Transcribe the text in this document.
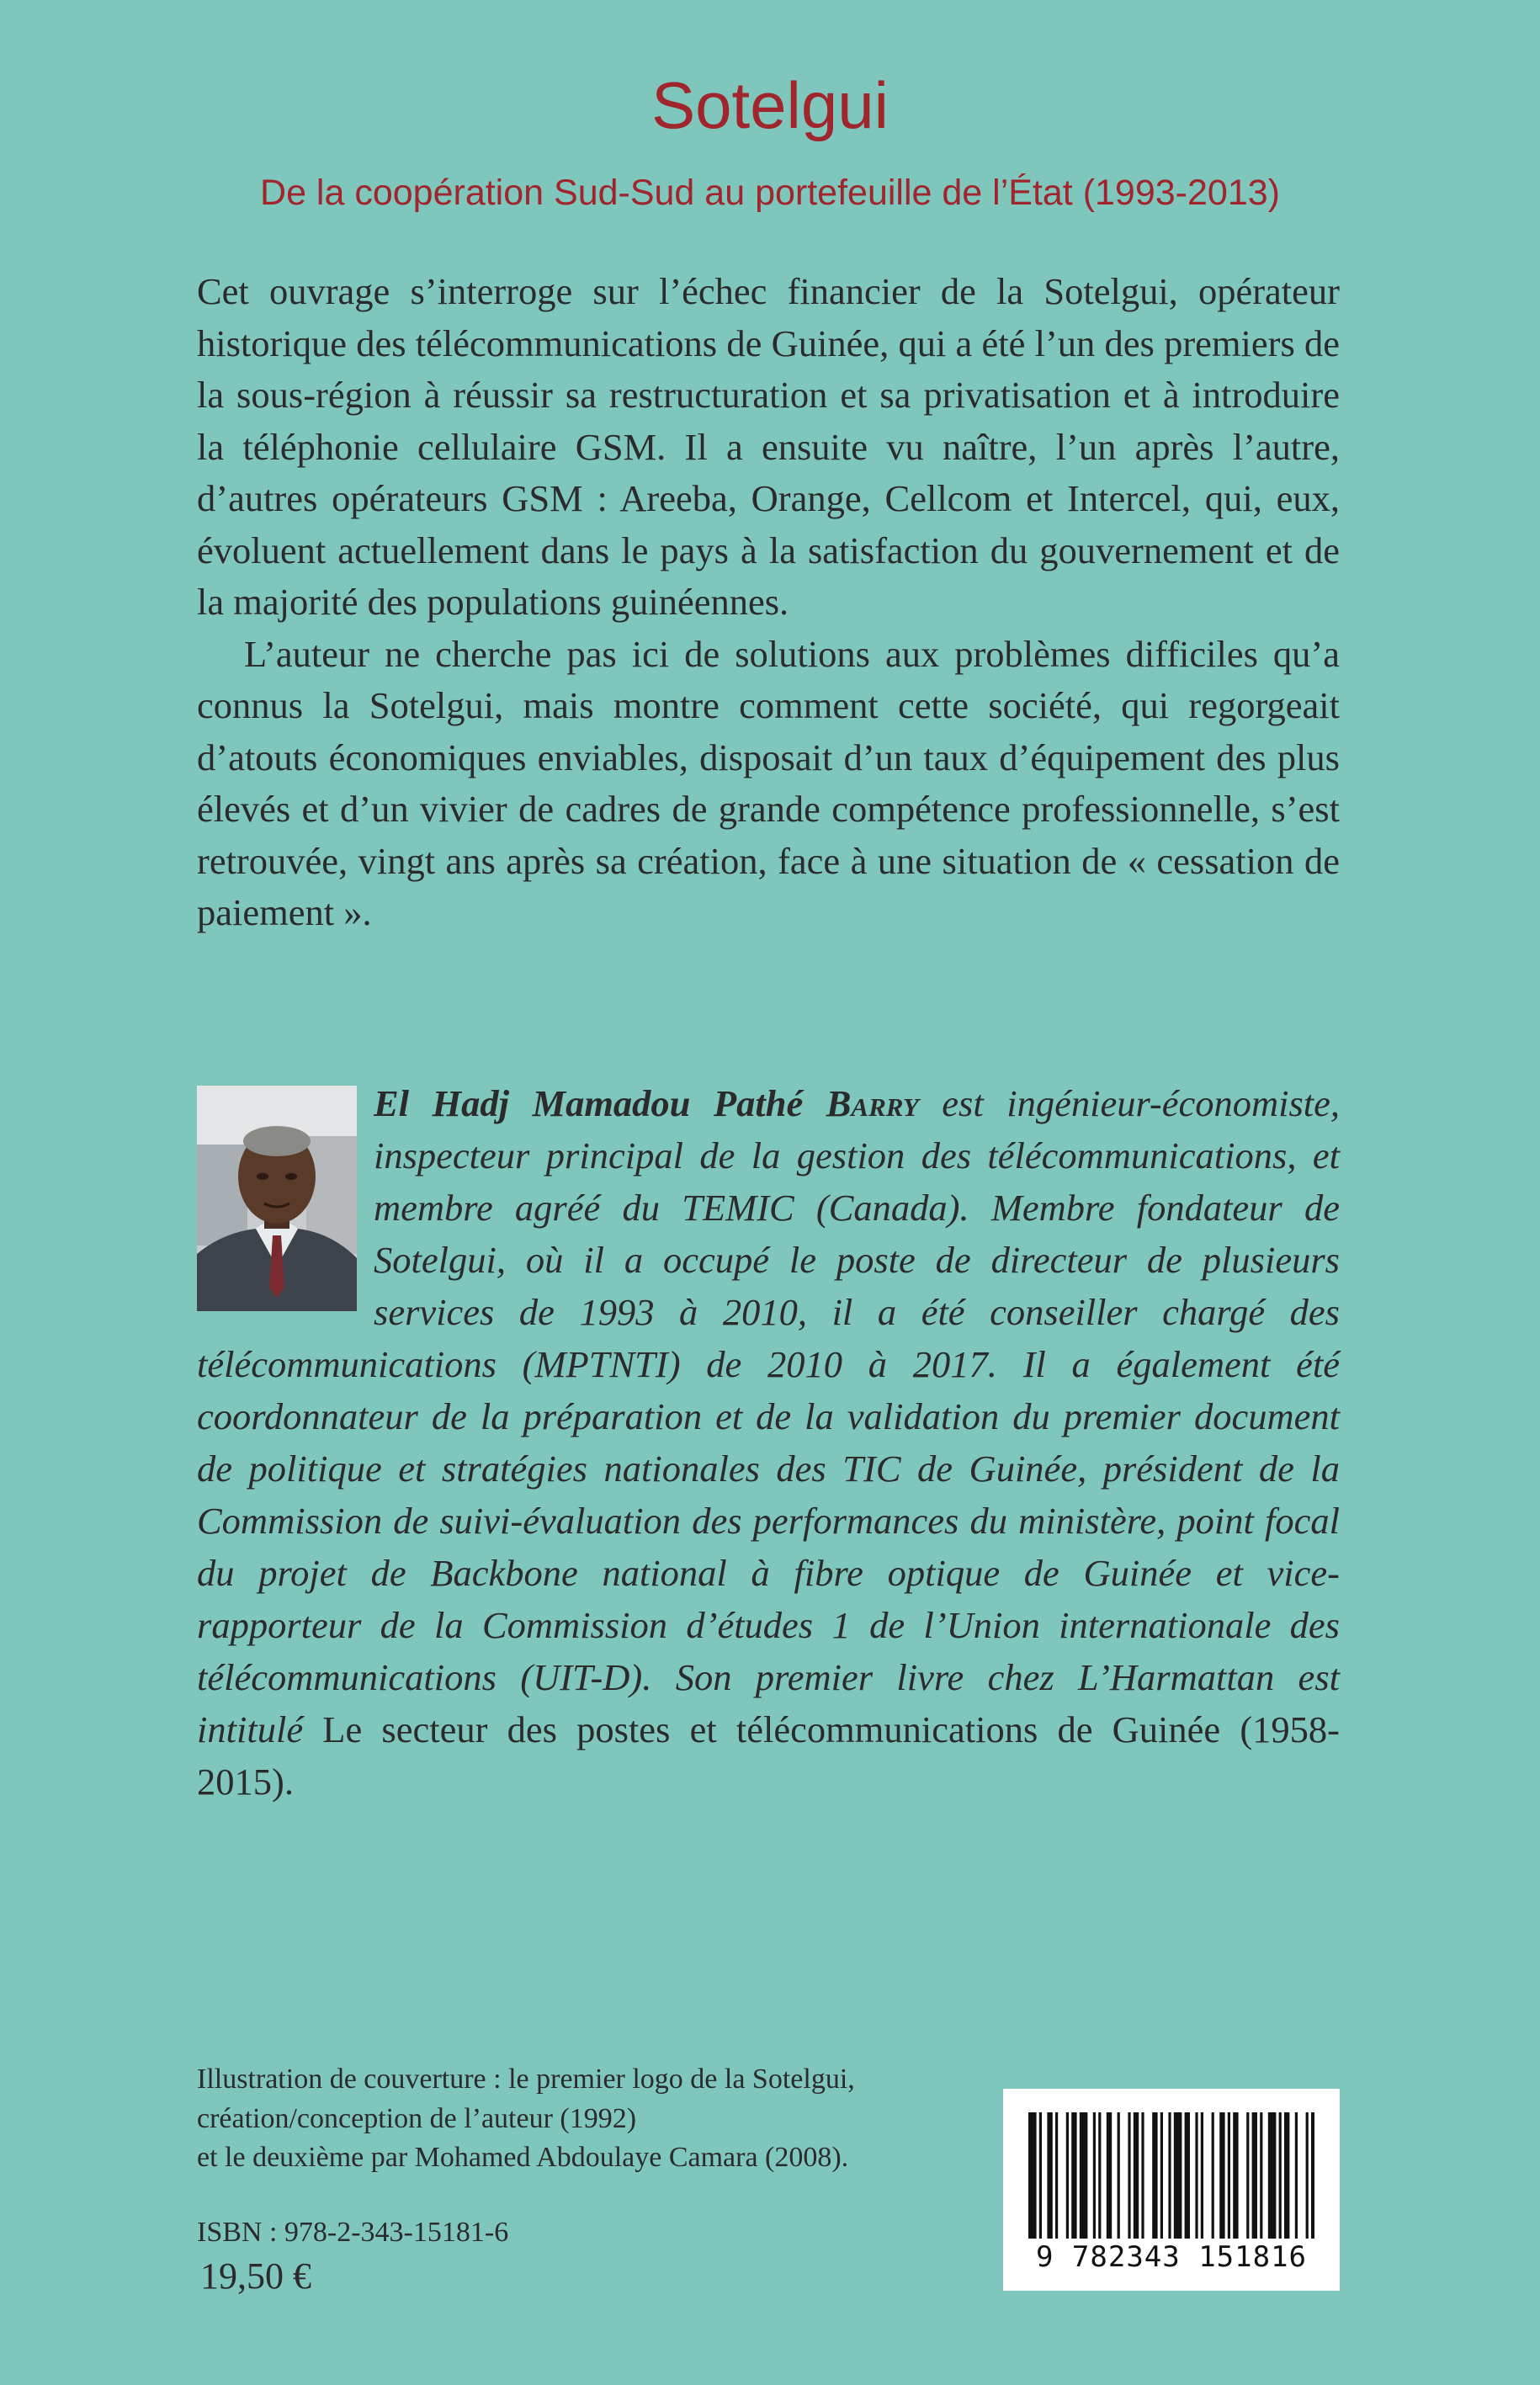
Sotelgui
De la coopération Sud-Sud au portefeuille de l’État (1993-2013)

Cet ouvrage s’interroge sur l’échec financier de la Sotelgui, opérateur historique des télécommunications de Guinée, qui a été l’un des premiers de la sous-région à réussir sa restructuration et sa privatisation et à introduire la téléphonie cellulaire GSM. Il a ensuite vu naître, l’un après l’autre, d’autres opérateurs GSM : Areeba, Orange, Cellcom et Intercel, qui, eux, évoluent actuellement dans le pays à la satisfaction du gouvernement et de la majorité des populations guinéennes.

L’auteur ne cherche pas ici de solutions aux problèmes difficiles qu’a connus la Sotelgui, mais montre comment cette société, qui regorgeait d’atouts économiques enviables, disposait d’un taux d’équipement des plus élevés et d’un vivier de cadres de grande compétence professionnelle, s’est retrouvée, vingt ans après sa création, face à une situation de « cessation de paiement ».

El Hadj Mamadou Pathé Barry est ingénieur-économiste, inspecteur principal de la gestion des télécommunications, et membre agréé du TEMIC (Canada). Membre fondateur de Sotelgui, où il a occupé le poste de directeur de plusieurs services de 1993 à 2010, il a été conseiller chargé des télécommunications (MPTNTI) de 2010 à 2017. Il a également été coordonnateur de la préparation et de la validation du premier document de politique et stratégies nationales des TIC de Guinée, président de la Commission de suivi-évaluation des performances du ministère, point focal du projet de Backbone national à fibre optique de Guinée et vice-rapporteur de la Commission d’études 1 de l’Union internationale des télécommunications (UIT-D). Son premier livre chez L’Harmattan est intitulé Le secteur des postes et télécommunications de Guinée (1958-2015).
Illustration de couverture : le premier logo de la Sotelgui,
création/conception de l’auteur (1992)
et le deuxième par Mohamed Abdoulaye Camara (2008).
ISBN : 978-2-343-15181-6
19,50 €	9 782343 151816
